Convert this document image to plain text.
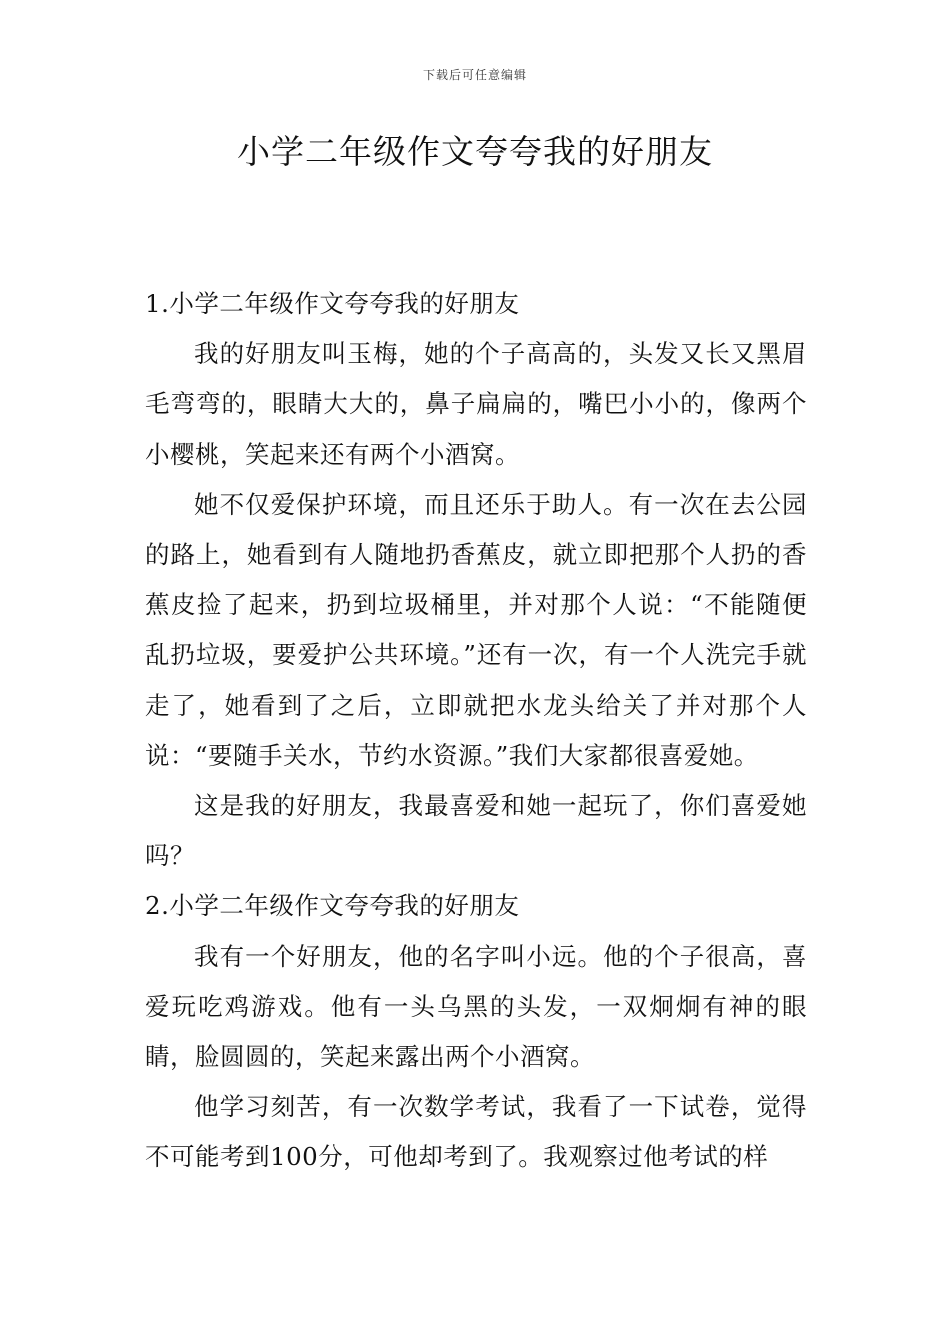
下载后可任意编辑
小学二年级作文夸夸我的好朋友

1.小学二年级作文夸夸我的好朋友

我的好朋友叫玉梅，她的个子高高的，头发又长又黑眉毛弯弯的，眼睛大大的，鼻子扁扁的，嘴巴小小的，像两个小樱桃，笑起来还有两个小酒窝。

她不仅爱保护环境，而且还乐于助人。有一次在去公园的路上，她看到有人随地扔香蕉皮，就立即把那个人扔的香蕉皮捡了起来，扔到垃圾桶里，并对那个人说：“不能随便乱扔垃圾，要爱护公共环境。”还有一次，有一个人洗完手就走了，她看到了之后，立即就把水龙头给关了并对那个人说：“要随手关水，节约水资源。”我们大家都很喜爱她。

这是我的好朋友，我最喜爱和她一起玩了，你们喜爱她吗？

2.小学二年级作文夸夸我的好朋友

我有一个好朋友，他的名字叫小远。他的个子很高，喜爱玩吃鸡游戏。他有一头乌黑的头发，一双炯炯有神的眼睛，脸圆圆的，笑起来露出两个小酒窝。

他学习刻苦，有一次数学考试，我看了一下试卷，觉得不可能考到100分，可他却考到了。我观察过他考试的样
